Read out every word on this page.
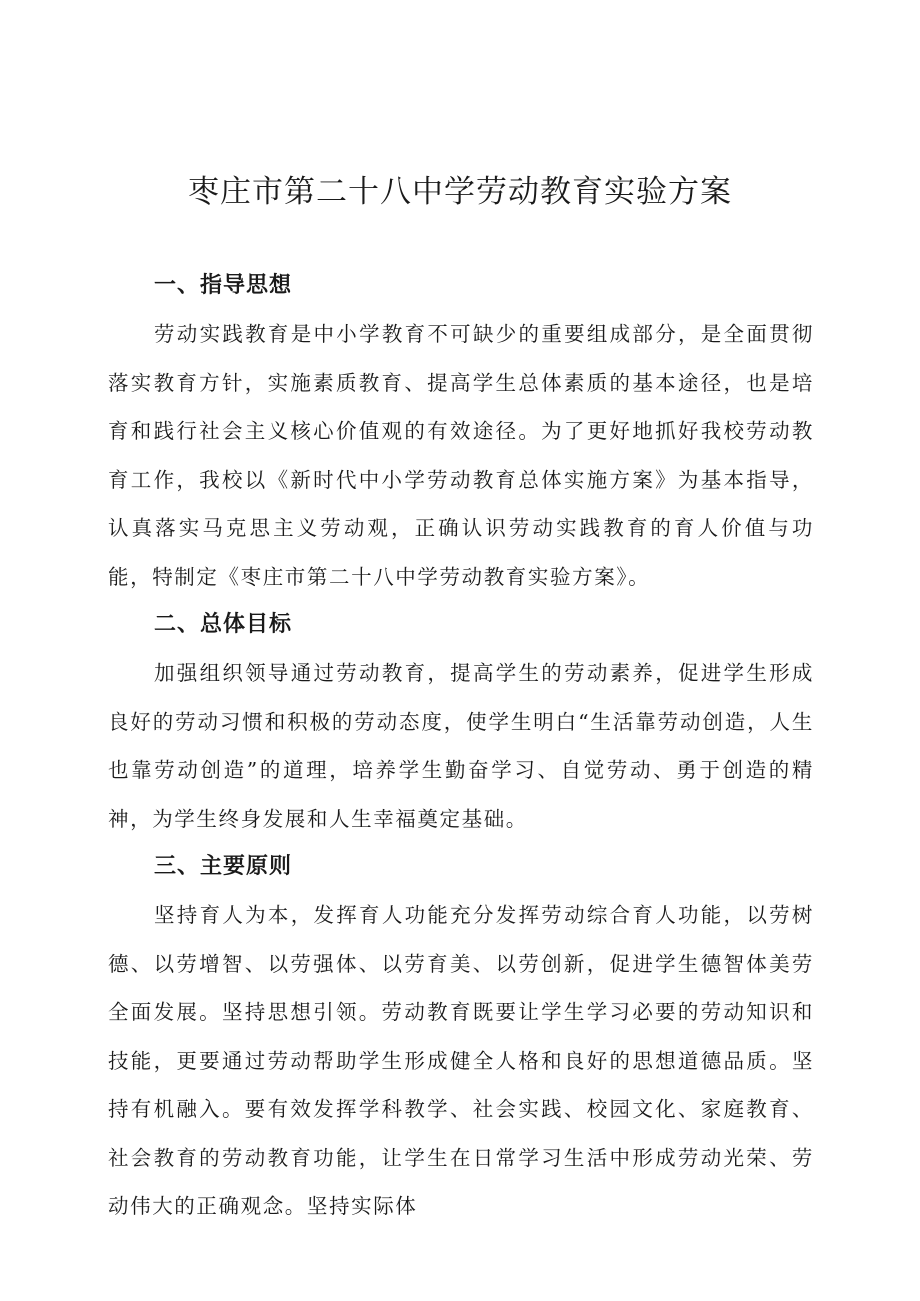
枣庄市第二十八中学劳动教育实验方案
一、指导思想

劳动实践教育是中小学教育不可缺少的重要组成部分，是全面贯彻落实教育方针，实施素质教育、提高学生总体素质的基本途径，也是培育和践行社会主义核心价值观的有效途径。为了更好地抓好我校劳动教育工作，我校以《新时代中小学劳动教育总体实施方案》为基本指导，认真落实马克思主义劳动观，正确认识劳动实践教育的育人价值与功能，特制定《枣庄市第二十八中学劳动教育实验方案》。

二、总体目标

加强组织领导通过劳动教育，提高学生的劳动素养，促进学生形成良好的劳动习惯和积极的劳动态度，使学生明白“生活靠劳动创造，人生也靠劳动创造”的道理，培养学生勤奋学习、自觉劳动、勇于创造的精神，为学生终身发展和人生幸福奠定基础。

三、主要原则

坚持育人为本，发挥育人功能充分发挥劳动综合育人功能，以劳树德、以劳增智、以劳强体、以劳育美、以劳创新，促进学生德智体美劳全面发展。坚持思想引领。劳动教育既要让学生学习必要的劳动知识和技能，更要通过劳动帮助学生形成健全人格和良好的思想道德品质。坚持有机融入。要有效发挥学科教学、社会实践、校园文化、家庭教育、社会教育的劳动教育功能，让学生在日常学习生活中形成劳动光荣、劳动伟大的正确观念。坚持实际体
